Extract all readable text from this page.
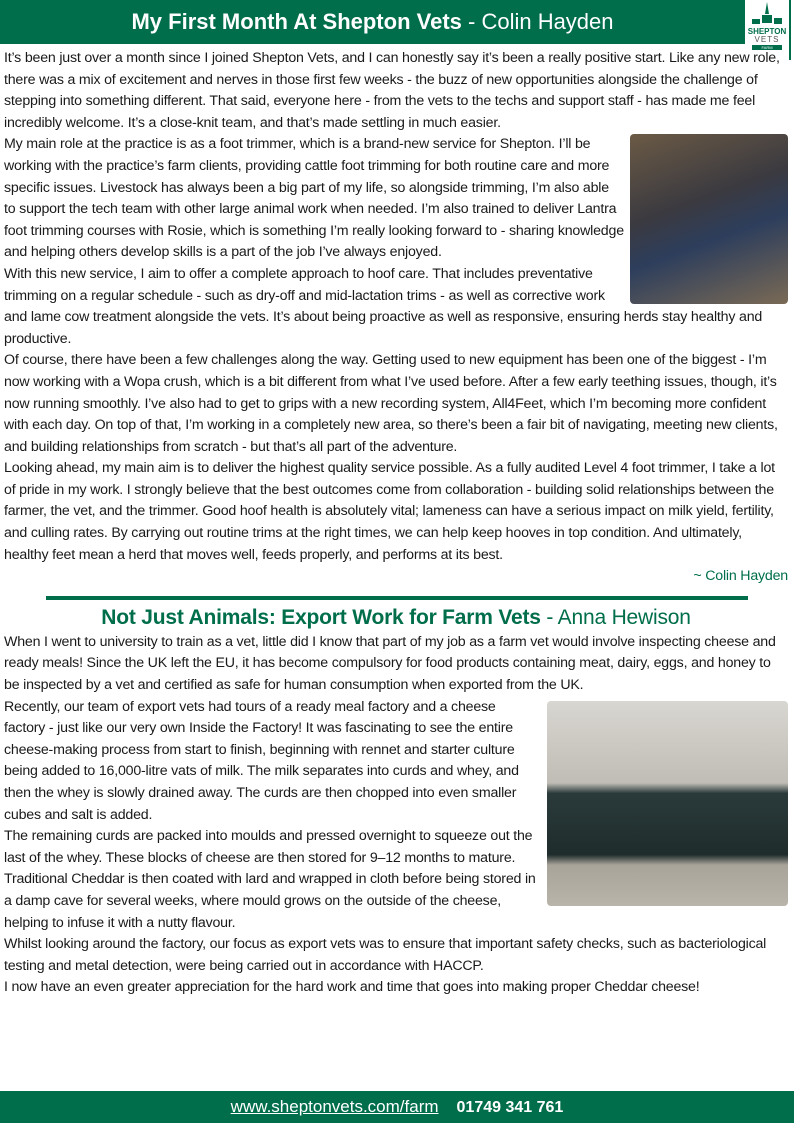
My First Month At Shepton Vets - Colin Hayden	SHEPTON
VETS
FARM

It’s been just over a month since I joined Shepton Vets, and I can honestly say it’s been a really positive start. Like any new role, there was a mix of excitement and nerves in those first few weeks - the buzz of new opportunities alongside the challenge of stepping into something different. That said, everyone here - from the vets to the techs and support staff - has made me feel incredibly welcome. It’s a close-knit team, and that’s made settling in much easier.

My main role at the practice is as a foot trimmer, which is a brand-new service for Shepton. I’ll be working with the practice’s farm clients, providing cattle foot trimming for both routine care and more specific issues. Livestock has always been a big part of my life, so alongside trimming, I’m also able to support the tech team with other large animal work when needed. I’m also trained to deliver Lantra foot trimming courses with Rosie, which is something I’m really looking forward to - sharing knowledge and helping others develop skills is a part of the job I’ve always enjoyed.

With this new service, I aim to offer a complete approach to hoof care. That includes preventative trimming on a regular schedule - such as dry-off and mid-lactation trims - as well as corrective work and lame cow treatment alongside the vets. It’s about being proactive as well as responsive, ensuring herds stay healthy and productive.

Of course, there have been a few challenges along the way. Getting used to new equipment has been one of the biggest - I’m now working with a Wopa crush, which is a bit different from what I’ve used before. After a few early teething issues, though, it’s now running smoothly. I’ve also had to get to grips with a new recording system, All4Feet, which I’m becoming more confident with each day. On top of that, I’m working in a completely new area, so there’s been a fair bit of navigating, meeting new clients, and building relationships from scratch - but that’s all part of the adventure.

Looking ahead, my main aim is to deliver the highest quality service possible. As a fully audited Level 4 foot trimmer, I take a lot of pride in my work. I strongly believe that the best outcomes come from collaboration - building solid relationships between the farmer, the vet, and the trimmer. Good hoof health is absolutely vital; lameness can have a serious impact on milk yield, fertility, and culling rates. By carrying out routine trims at the right times, we can help keep hooves in top condition. And ultimately, healthy feet mean a herd that moves well, feeds properly, and performs at its best.

~ Colin Hayden

Not Just Animals: Export Work for Farm Vets - Anna Hewison

When I went to university to train as a vet, little did I know that part of my job as a farm vet would involve inspecting cheese and ready meals! Since the UK left the EU, it has become compulsory for food products containing meat, dairy, eggs, and honey to be inspected by a vet and certified as safe for human consumption when exported from the UK.

Recently, our team of export vets had tours of a ready meal factory and a cheese factory - just like our very own Inside the Factory! It was fascinating to see the entire cheese-making process from start to finish, beginning with rennet and starter culture being added to 16,000-litre vats of milk. The milk separates into curds and whey, and then the whey is slowly drained away. The curds are then chopped into even smaller cubes and salt is added.

The remaining curds are packed into moulds and pressed overnight to squeeze out the last of the whey. These blocks of cheese are then stored for 9–12 months to mature. Traditional Cheddar is then coated with lard and wrapped in cloth before being stored in a damp cave for several weeks, where mould grows on the outside of the cheese, helping to infuse it with a nutty flavour.

Whilst looking around the factory, our focus as export vets was to ensure that important safety checks, such as bacteriological testing and metal detection, were being carried out in accordance with HACCP.

I now have an even greater appreciation for the hard work and time that goes into making proper Cheddar cheese!

www.sheptonvets.com/farm 01749 341 761
